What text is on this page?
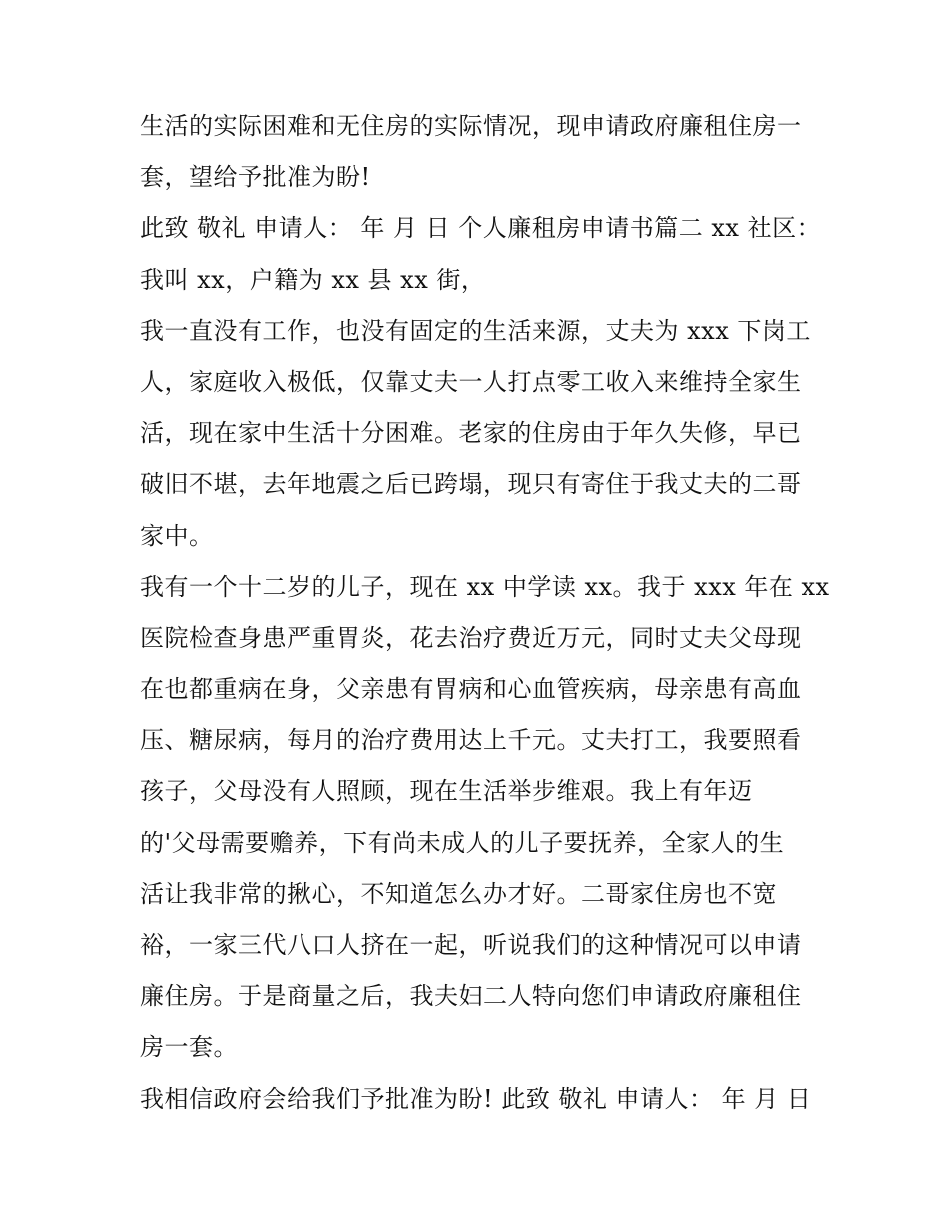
生活的实际困难和无住房的实际情况，现申请政府廉租住房一
套，望给予批准为盼!
此致 敬礼 申请人： 年 月 日 个人廉租房申请书篇二 xx 社区：
我叫 xx，户籍为 xx 县 xx 街，
我一直没有工作，也没有固定的生活来源，丈夫为 xxx 下岗工
人，家庭收入极低，仅靠丈夫一人打点零工收入来维持全家生
活，现在家中生活十分困难。老家的住房由于年久失修，早已
破旧不堪，去年地震之后已跨塌，现只有寄住于我丈夫的二哥
家中。
我有一个十二岁的儿子，现在 xx 中学读 xx。我于 xxx 年在 xx
医院检查身患严重胃炎，花去治疗费近万元，同时丈夫父母现
在也都重病在身，父亲患有胃病和心血管疾病，母亲患有高血
压、糖尿病，每月的治疗费用达上千元。丈夫打工，我要照看
孩子，父母没有人照顾，现在生活举步维艰。我上有年迈
的'父母需要赡养，下有尚未成人的儿子要抚养，全家人的生
活让我非常的揪心，不知道怎么办才好。二哥家住房也不宽
裕，一家三代八口人挤在一起，听说我们的这种情况可以申请
廉住房。于是商量之后，我夫妇二人特向您们申请政府廉租住
房一套。
我相信政府会给我们予批准为盼! 此致 敬礼 申请人： 年 月 日
